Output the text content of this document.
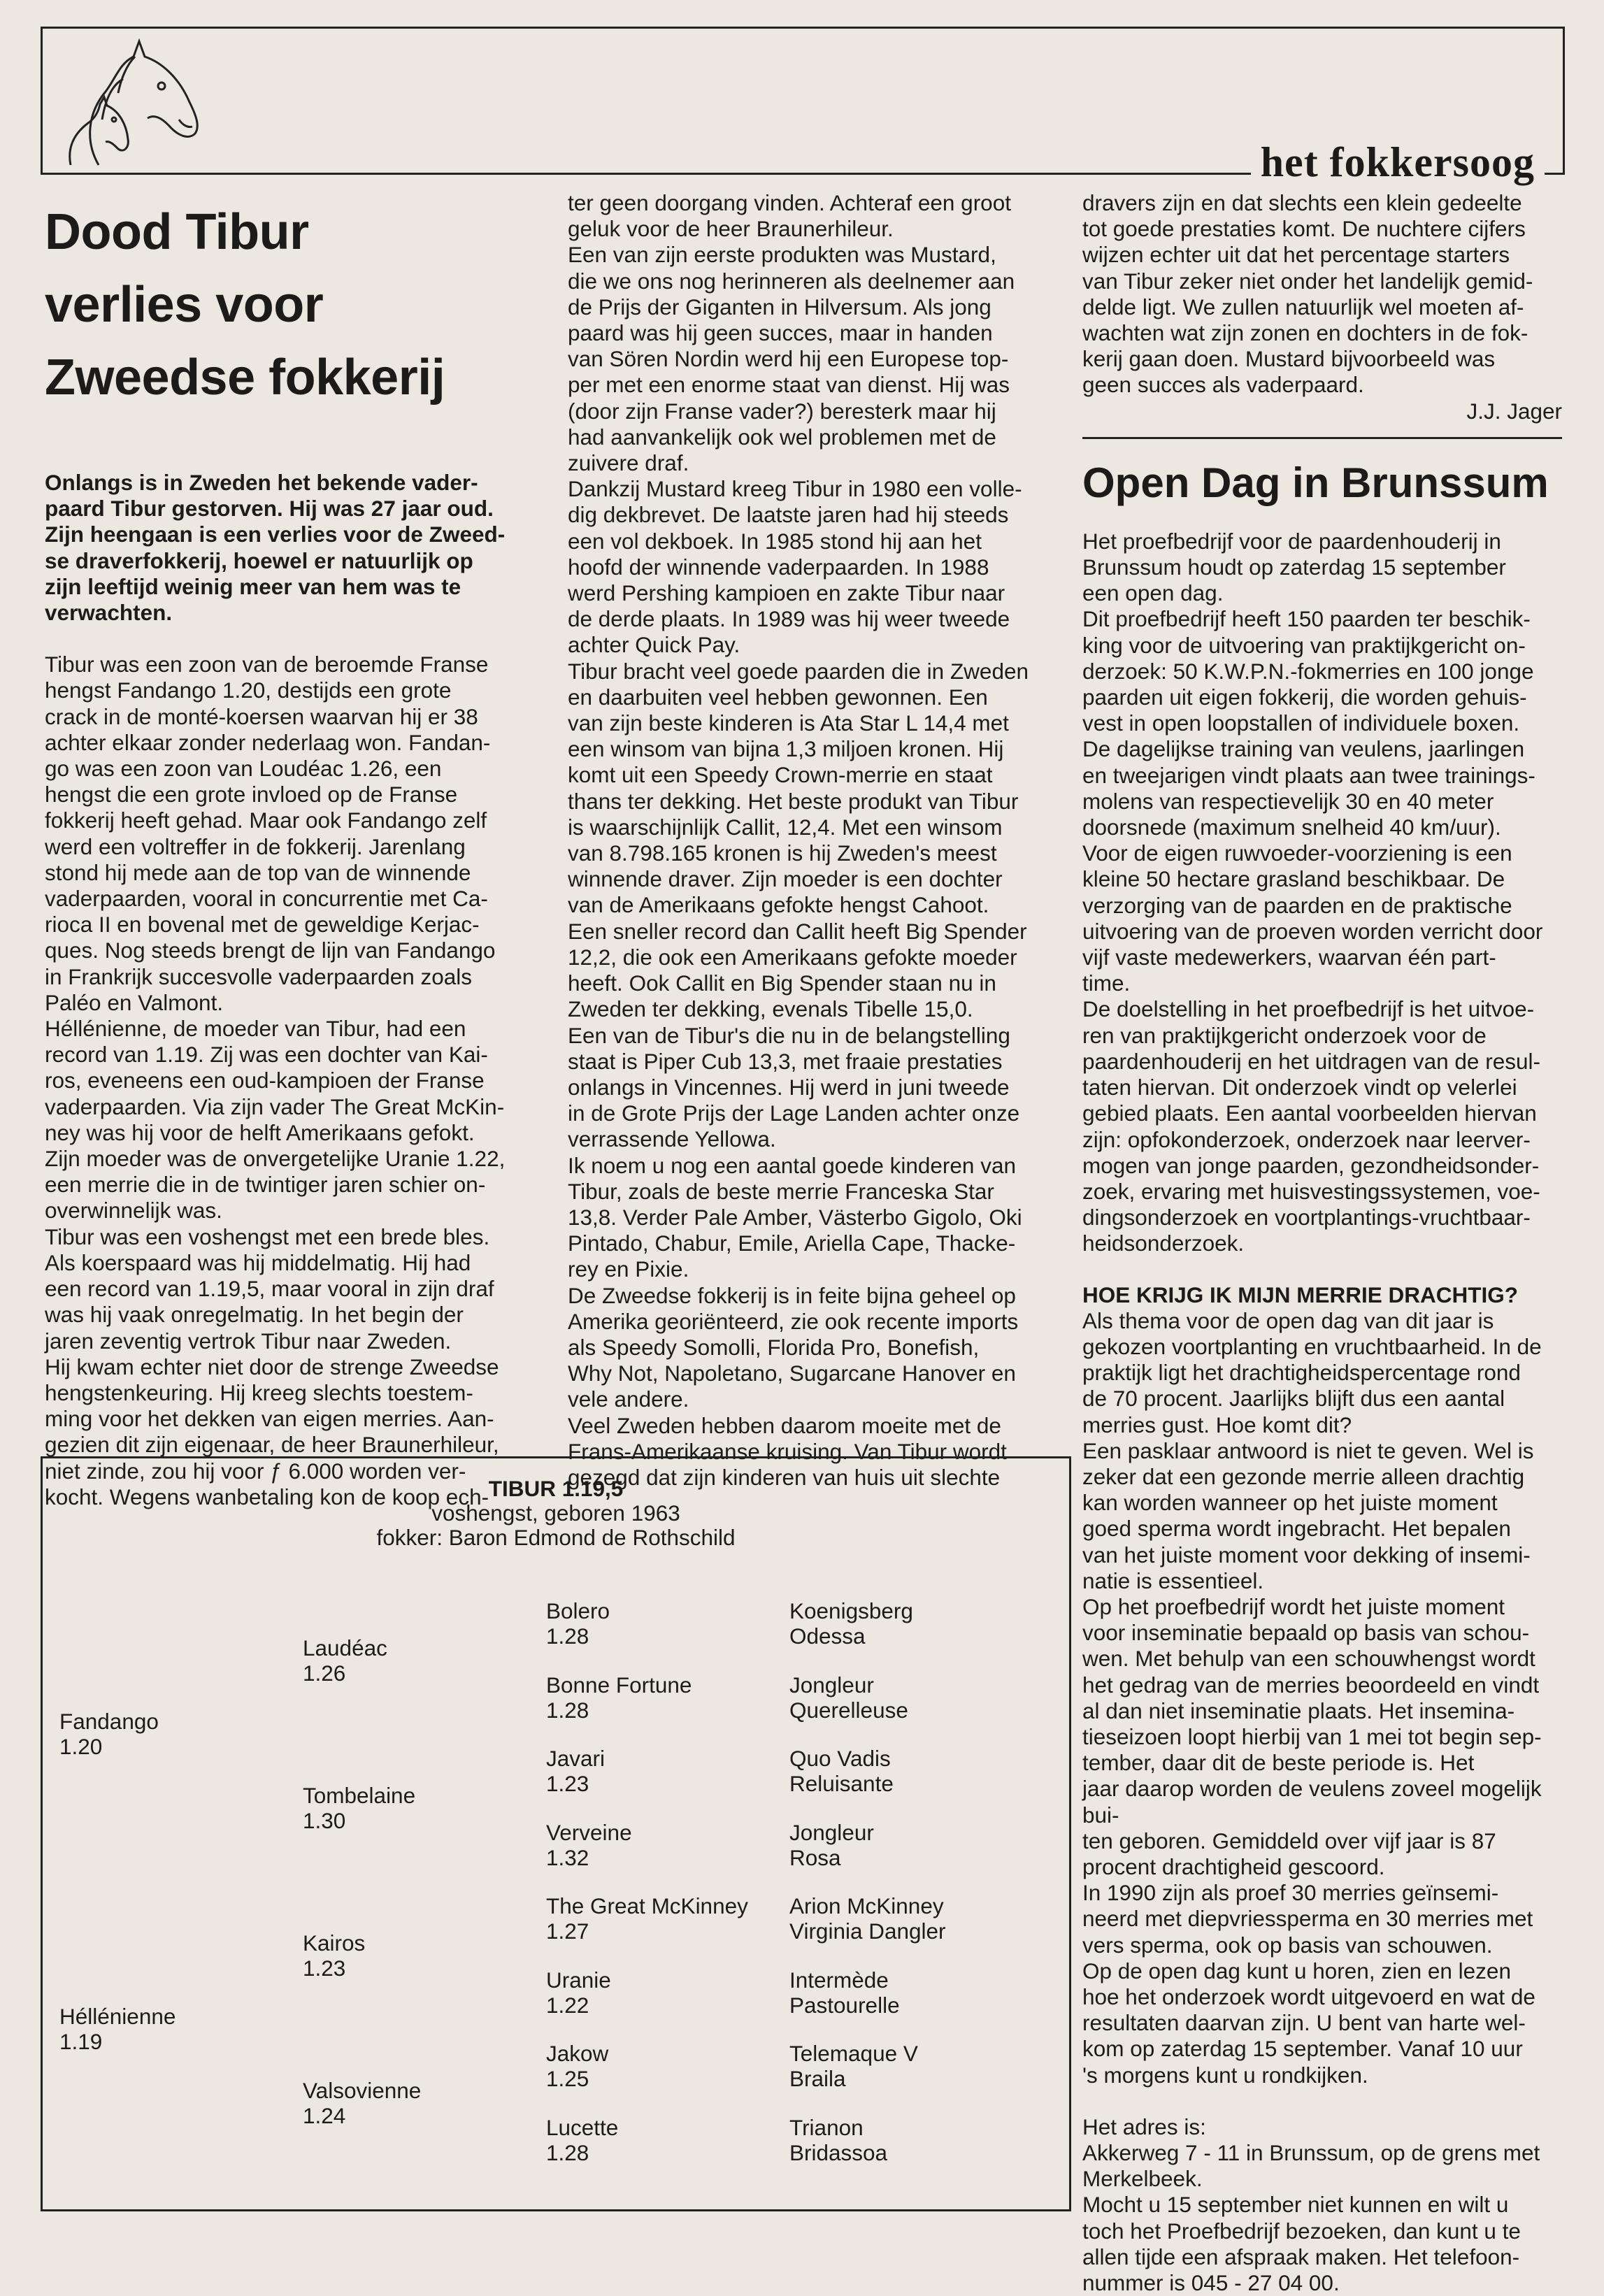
het fokkersoog
Dood Tibur
verlies voor
Zweedse fokkerij

Onlangs is in Zweden het bekende vader-
paard Tibur gestorven. Hij was 27 jaar oud.
Zijn heengaan is een verlies voor de Zweed-
se draverfokkerij, hoewel er natuurlijk op
zijn leeftijd weinig meer van hem was te
verwachten.

Tibur was een zoon van de beroemde Franse

hengst Fandango 1.20, destijds een grote

crack in de monté-koersen waarvan hij er 38

achter elkaar zonder nederlaag won. Fandan-

go was een zoon van Loudéac 1.26, een

hengst die een grote invloed op de Franse

fokkerij heeft gehad. Maar ook Fandango zelf

werd een voltreffer in de fokkerij. Jarenlang

stond hij mede aan de top van de winnende

vaderpaarden, vooral in concurrentie met Ca-

rioca II en bovenal met de geweldige Kerjac-

ques. Nog steeds brengt de lijn van Fandango

in Frankrijk succesvolle vaderpaarden zoals

Paléo en Valmont.

Héllénienne, de moeder van Tibur, had een

record van 1.19. Zij was een dochter van Kai-

ros, eveneens een oud-kampioen der Franse

vaderpaarden. Via zijn vader The Great McKin-

ney was hij voor de helft Amerikaans gefokt.

Zijn moeder was de onvergetelijke Uranie 1.22,

een merrie die in de twintiger jaren schier on-

overwinnelijk was.

Tibur was een voshengst met een brede bles.

Als koerspaard was hij middelmatig. Hij had

een record van 1.19,5, maar vooral in zijn draf

was hij vaak onregelmatig. In het begin der

jaren zeventig vertrok Tibur naar Zweden.

Hij kwam echter niet door de strenge Zweedse

hengstenkeuring. Hij kreeg slechts toestem-

ming voor het dekken van eigen merries. Aan-

gezien dit zijn eigenaar, de heer Braunerhileur,

niet zinde, zou hij voor ƒ 6.000 worden ver-

kocht. Wegens wanbetaling kon de koop ech-

ter geen doorgang vinden. Achteraf een groot

geluk voor de heer Braunerhileur.

Een van zijn eerste produkten was Mustard,

die we ons nog herinneren als deelnemer aan

de Prijs der Giganten in Hilversum. Als jong

paard was hij geen succes, maar in handen

van Sören Nordin werd hij een Europese top-

per met een enorme staat van dienst. Hij was

(door zijn Franse vader?) beresterk maar hij

had aanvankelijk ook wel problemen met de

zuivere draf.

Dankzij Mustard kreeg Tibur in 1980 een volle-

dig dekbrevet. De laatste jaren had hij steeds

een vol dekboek. In 1985 stond hij aan het

hoofd der winnende vaderpaarden. In 1988

werd Pershing kampioen en zakte Tibur naar

de derde plaats. In 1989 was hij weer tweede

achter Quick Pay.

Tibur bracht veel goede paarden die in Zweden

en daarbuiten veel hebben gewonnen. Een

van zijn beste kinderen is Ata Star L 14,4 met

een winsom van bijna 1,3 miljoen kronen. Hij

komt uit een Speedy Crown-merrie en staat

thans ter dekking. Het beste produkt van Tibur

is waarschijnlijk Callit, 12,4. Met een winsom

van 8.798.165 kronen is hij Zweden's meest

winnende draver. Zijn moeder is een dochter

van de Amerikaans gefokte hengst Cahoot.

Een sneller record dan Callit heeft Big Spender

12,2, die ook een Amerikaans gefokte moeder

heeft. Ook Callit en Big Spender staan nu in

Zweden ter dekking, evenals Tibelle 15,0.

Een van de Tibur's die nu in de belangstelling

staat is Piper Cub 13,3, met fraaie prestaties

onlangs in Vincennes. Hij werd in juni tweede

in de Grote Prijs der Lage Landen achter onze

verrassende Yellowa.

Ik noem u nog een aantal goede kinderen van

Tibur, zoals de beste merrie Franceska Star

13,8. Verder Pale Amber, Västerbo Gigolo, Oki

Pintado, Chabur, Emile, Ariella Cape, Thacke-

rey en Pixie.

De Zweedse fokkerij is in feite bijna geheel op

Amerika georiënteerd, zie ook recente imports

als Speedy Somolli, Florida Pro, Bonefish,

Why Not, Napoletano, Sugarcane Hanover en

vele andere.

Veel Zweden hebben daarom moeite met de

Frans-Amerikaanse kruising. Van Tibur wordt

gezegd dat zijn kinderen van huis uit slechte

dravers zijn en dat slechts een klein gedeelte

tot goede prestaties komt. De nuchtere cijfers

wijzen echter uit dat het percentage starters

van Tibur zeker niet onder het landelijk gemid-

delde ligt. We zullen natuurlijk wel moeten af-

wachten wat zijn zonen en dochters in de fok-

kerij gaan doen. Mustard bijvoorbeeld was

geen succes als vaderpaard.

J.J. Jager

Open Dag in Brunssum

Het proefbedrijf voor de paardenhouderij in

Brunssum houdt op zaterdag 15 september

een open dag.

Dit proefbedrijf heeft 150 paarden ter beschik-

king voor de uitvoering van praktijkgericht on-

derzoek: 50 K.W.P.N.-fokmerries en 100 jonge

paarden uit eigen fokkerij, die worden gehuis-

vest in open loopstallen of individuele boxen.

De dagelijkse training van veulens, jaarlingen

en tweejarigen vindt plaats aan twee trainings-

molens van respectievelijk 30 en 40 meter

doorsnede (maximum snelheid 40 km/uur).

Voor de eigen ruwvoeder-voorziening is een

kleine 50 hectare grasland beschikbaar. De

verzorging van de paarden en de praktische

uitvoering van de proeven worden verricht door

vijf vaste medewerkers, waarvan één part-

time.

De doelstelling in het proefbedrijf is het uitvoe-

ren van praktijkgericht onderzoek voor de

paardenhouderij en het uitdragen van de resul-

taten hiervan. Dit onderzoek vindt op velerlei

gebied plaats. Een aantal voorbeelden hiervan

zijn: opfokonderzoek, onderzoek naar leerver-

mogen van jonge paarden, gezondheidsonder-

zoek, ervaring met huisvestingssystemen, voe-

dingsonderzoek en voortplantings-vruchtbaar-

heidsonderzoek.

HOE KRIJG IK MIJN MERRIE DRACHTIG?

Als thema voor de open dag van dit jaar is

gekozen voortplanting en vruchtbaarheid. In de

praktijk ligt het drachtigheidspercentage rond

de 70 procent. Jaarlijks blijft dus een aantal

merries gust. Hoe komt dit?

Een pasklaar antwoord is niet te geven. Wel is

zeker dat een gezonde merrie alleen drachtig

kan worden wanneer op het juiste moment

goed sperma wordt ingebracht. Het bepalen

van het juiste moment voor dekking of insemi-

natie is essentieel.

Op het proefbedrijf wordt het juiste moment

voor inseminatie bepaald op basis van schou-

wen. Met behulp van een schouwhengst wordt

het gedrag van de merries beoordeeld en vindt

al dan niet inseminatie plaats. Het insemina-

tieseizoen loopt hierbij van 1 mei tot begin sep-

tember, daar dit de beste periode is. Het

jaar daarop worden de veulens zoveel mogelijk bui-

ten geboren. Gemiddeld over vijf jaar is 87

procent drachtigheid gescoord.

In 1990 zijn als proef 30 merries geïnsemi-

neerd met diepvriessperma en 30 merries met

vers sperma, ook op basis van schouwen.

Op de open dag kunt u horen, zien en lezen

hoe het onderzoek wordt uitgevoerd en wat de

resultaten daarvan zijn. U bent van harte wel-

kom op zaterdag 15 september. Vanaf 10 uur

's morgens kunt u rondkijken.

Het adres is:

Akkerweg 7 - 11 in Brunssum, op de grens met

Merkelbeek.

Mocht u 15 september niet kunnen en wilt u

toch het Proefbedrijf bezoeken, dan kunt u te

allen tijde een afspraak maken. Het telefoon-

nummer is 045 - 27 04 00.

TIBUR 1.19,5
voshengst, geboren 1963
fokker: Baron Edmond de Rothschild
Bolero
1.28
Koenigsberg
Odessa
Bonne Fortune
1.28
Jongleur
Querelleuse
Javari
1.23
Quo Vadis
Reluisante
Verveine
1.32
Jongleur
Rosa
The Great McKinney
1.27
Arion McKinney
Virginia Dangler
Uranie
1.22
Intermède
Pastourelle
Jakow
1.25
Telemaque V
Braila
Lucette
1.28
Trianon
Bridassoa
Laudéac
1.26
Tombelaine
1.30
Kairos
1.23
Valsovienne
1.24
Fandango
1.20
Héllénienne
1.19
